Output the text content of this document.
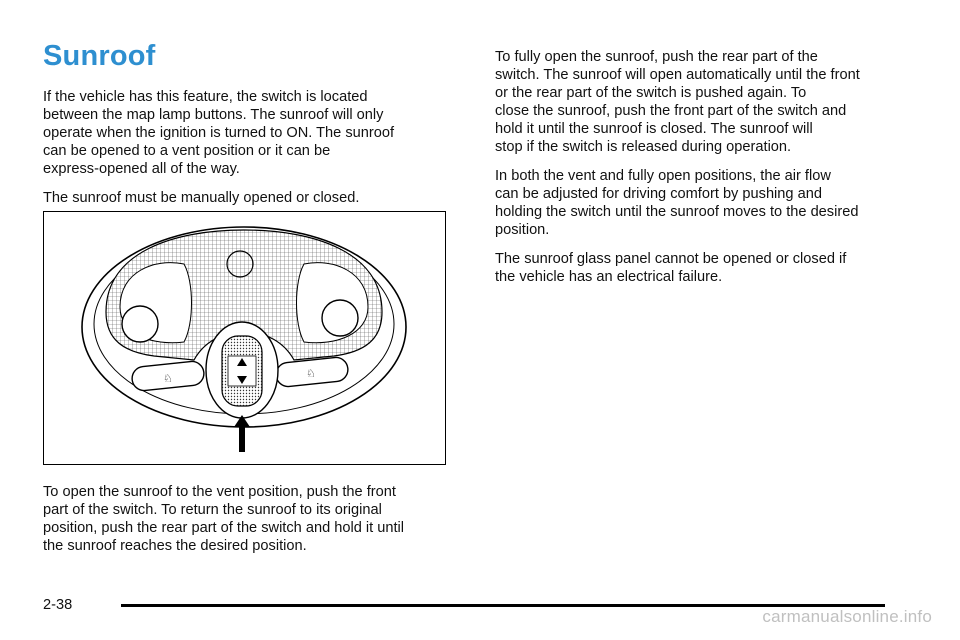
Sunroof

If the vehicle has this feature, the switch is located
between the map lamp buttons. The sunroof will only
operate when the ignition is turned to ON. The sunroof
can be opened to a vent position or it can be
express-opened all of the way.

The sunroof must be manually opened or closed.

♘	♘

To open the sunroof to the vent position, push the front
part of the switch. To return the sunroof to its original
position, push the rear part of the switch and hold it until
the sunroof reaches the desired position.

To fully open the sunroof, push the rear part of the
switch. The sunroof will open automatically until the front
or the rear part of the switch is pushed again. To
close the sunroof, push the front part of the switch and
hold it until the sunroof is closed. The sunroof will
stop if the switch is released during operation.

In both the vent and fully open positions, the air flow
can be adjusted for driving comfort by pushing and
holding the switch until the sunroof moves to the desired
position.

The sunroof glass panel cannot be opened or closed if
the vehicle has an electrical failure.

2-38
carmanualsonline.info
